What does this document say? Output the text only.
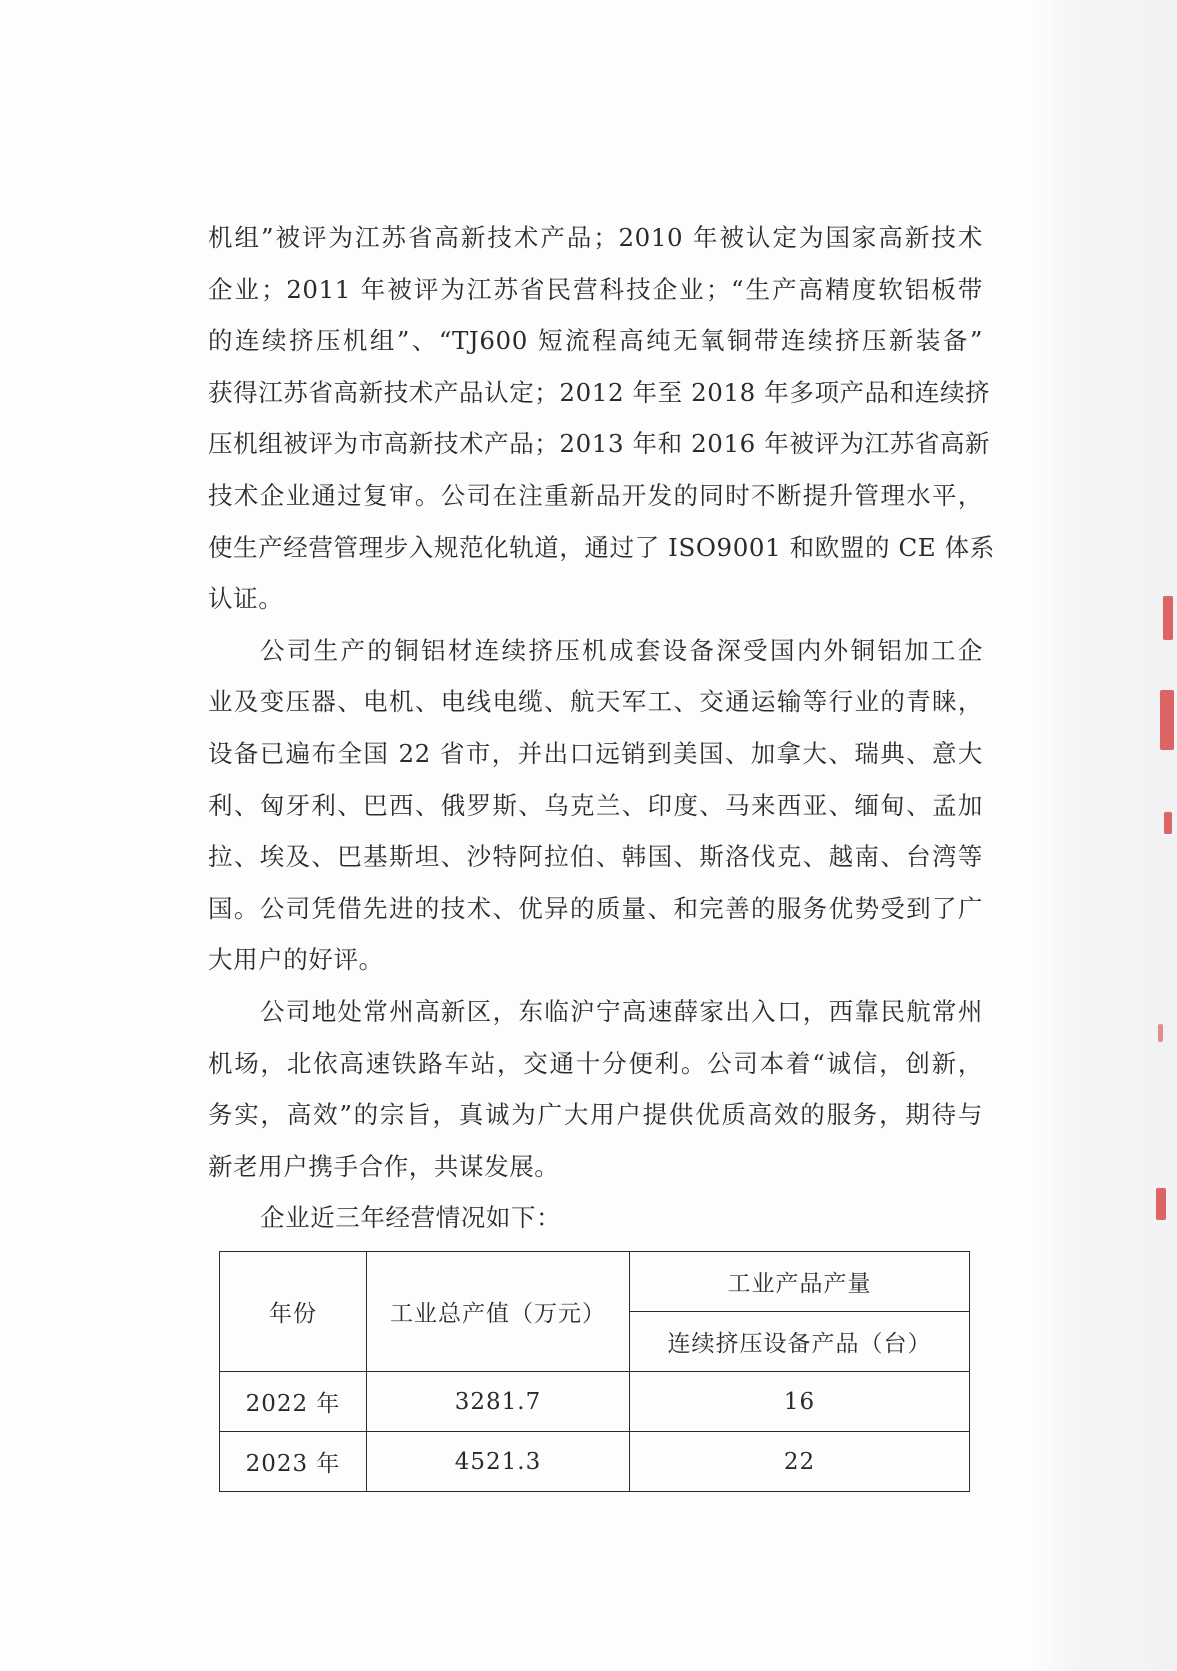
机组”被评为江苏省高新技术产品；2010 年被认定为国家高新技术
企业；2011 年被评为江苏省民营科技企业；“生产高精度软铝板带
的连续挤压机组”、“TJ600 短流程高纯无氧铜带连续挤压新装备”
获得江苏省高新技术产品认定；2012 年至 2018 年多项产品和连续挤
压机组被评为市高新技术产品；2013 年和 2016 年被评为江苏省高新
技术企业通过复审。公司在注重新品开发的同时不断提升管理水平，
使生产经营管理步入规范化轨道，通过了 ISO9001 和欧盟的 CE 体系
认证。
公司生产的铜铝材连续挤压机成套设备深受国内外铜铝加工企
业及变压器、电机、电线电缆、航天军工、交通运输等行业的青睐，
设备已遍布全国 22 省市，并出口远销到美国、加拿大、瑞典、意大
利、匈牙利、巴西、俄罗斯、乌克兰、印度、马来西亚、缅甸、孟加
拉、埃及、巴基斯坦、沙特阿拉伯、韩国、斯洛伐克、越南、台湾等
国。公司凭借先进的技术、优异的质量、和完善的服务优势受到了广
大用户的好评。
公司地处常州高新区，东临沪宁高速薛家出入口，西靠民航常州
机场，北依高速铁路车站，交通十分便利。公司本着“诚信，创新，
务实，高效”的宗旨，真诚为广大用户提供优质高效的服务，期待与
新老用户携手合作，共谋发展。
企业近三年经营情况如下：
年份	工业总产值（万元）	工业产品产量
		连续挤压设备产品（台）
2022 年	3281.7	16
2023 年	4521.3	22
